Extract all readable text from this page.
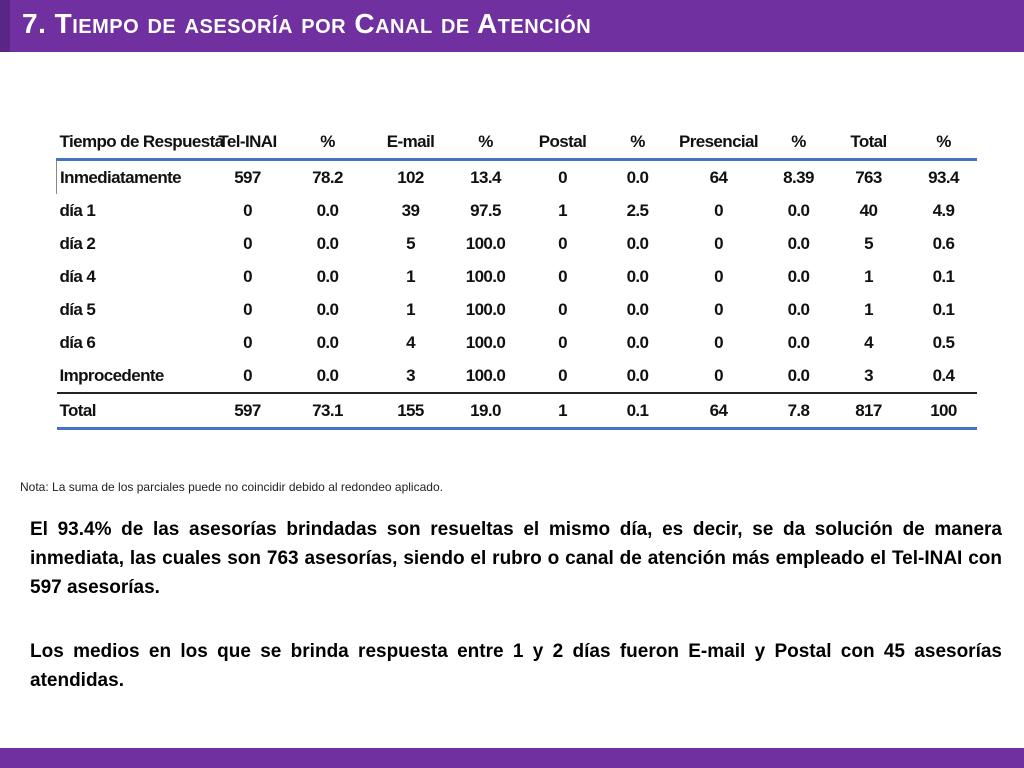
7. Tiempo de asesoría por Canal de Atención
Tiempo de Respuesta	Tel-INAI	%	E-mail	%	Postal	%	Presencial	%	Total	%
Inmediatamente	597	78.2	102	13.4	0	0.0	64	8.39	763	93.4
día 1	0	0.0	39	97.5	1	2.5	0	0.0	40	4.9
día 2	0	0.0	5	100.0	0	0.0	0	0.0	5	0.6
día 4	0	0.0	1	100.0	0	0.0	0	0.0	1	0.1
día 5	0	0.0	1	100.0	0	0.0	0	0.0	1	0.1
día 6	0	0.0	4	100.0	0	0.0	0	0.0	4	0.5
Improcedente	0	0.0	3	100.0	0	0.0	0	0.0	3	0.4
Total	597	73.1	155	19.0	1	0.1	64	7.8	817	100
Nota: La suma de los parciales puede no coincidir debido al redondeo aplicado.

El 93.4% de las asesorías brindadas son resueltas el mismo día, es decir, se da solución de manera inmediata, las cuales son 763 asesorías, siendo el rubro o canal de atención más empleado el Tel-INAI con 597 asesorías.

Los medios en los que se brinda respuesta entre 1 y 2 días fueron E-mail y Postal con 45 asesorías atendidas.
